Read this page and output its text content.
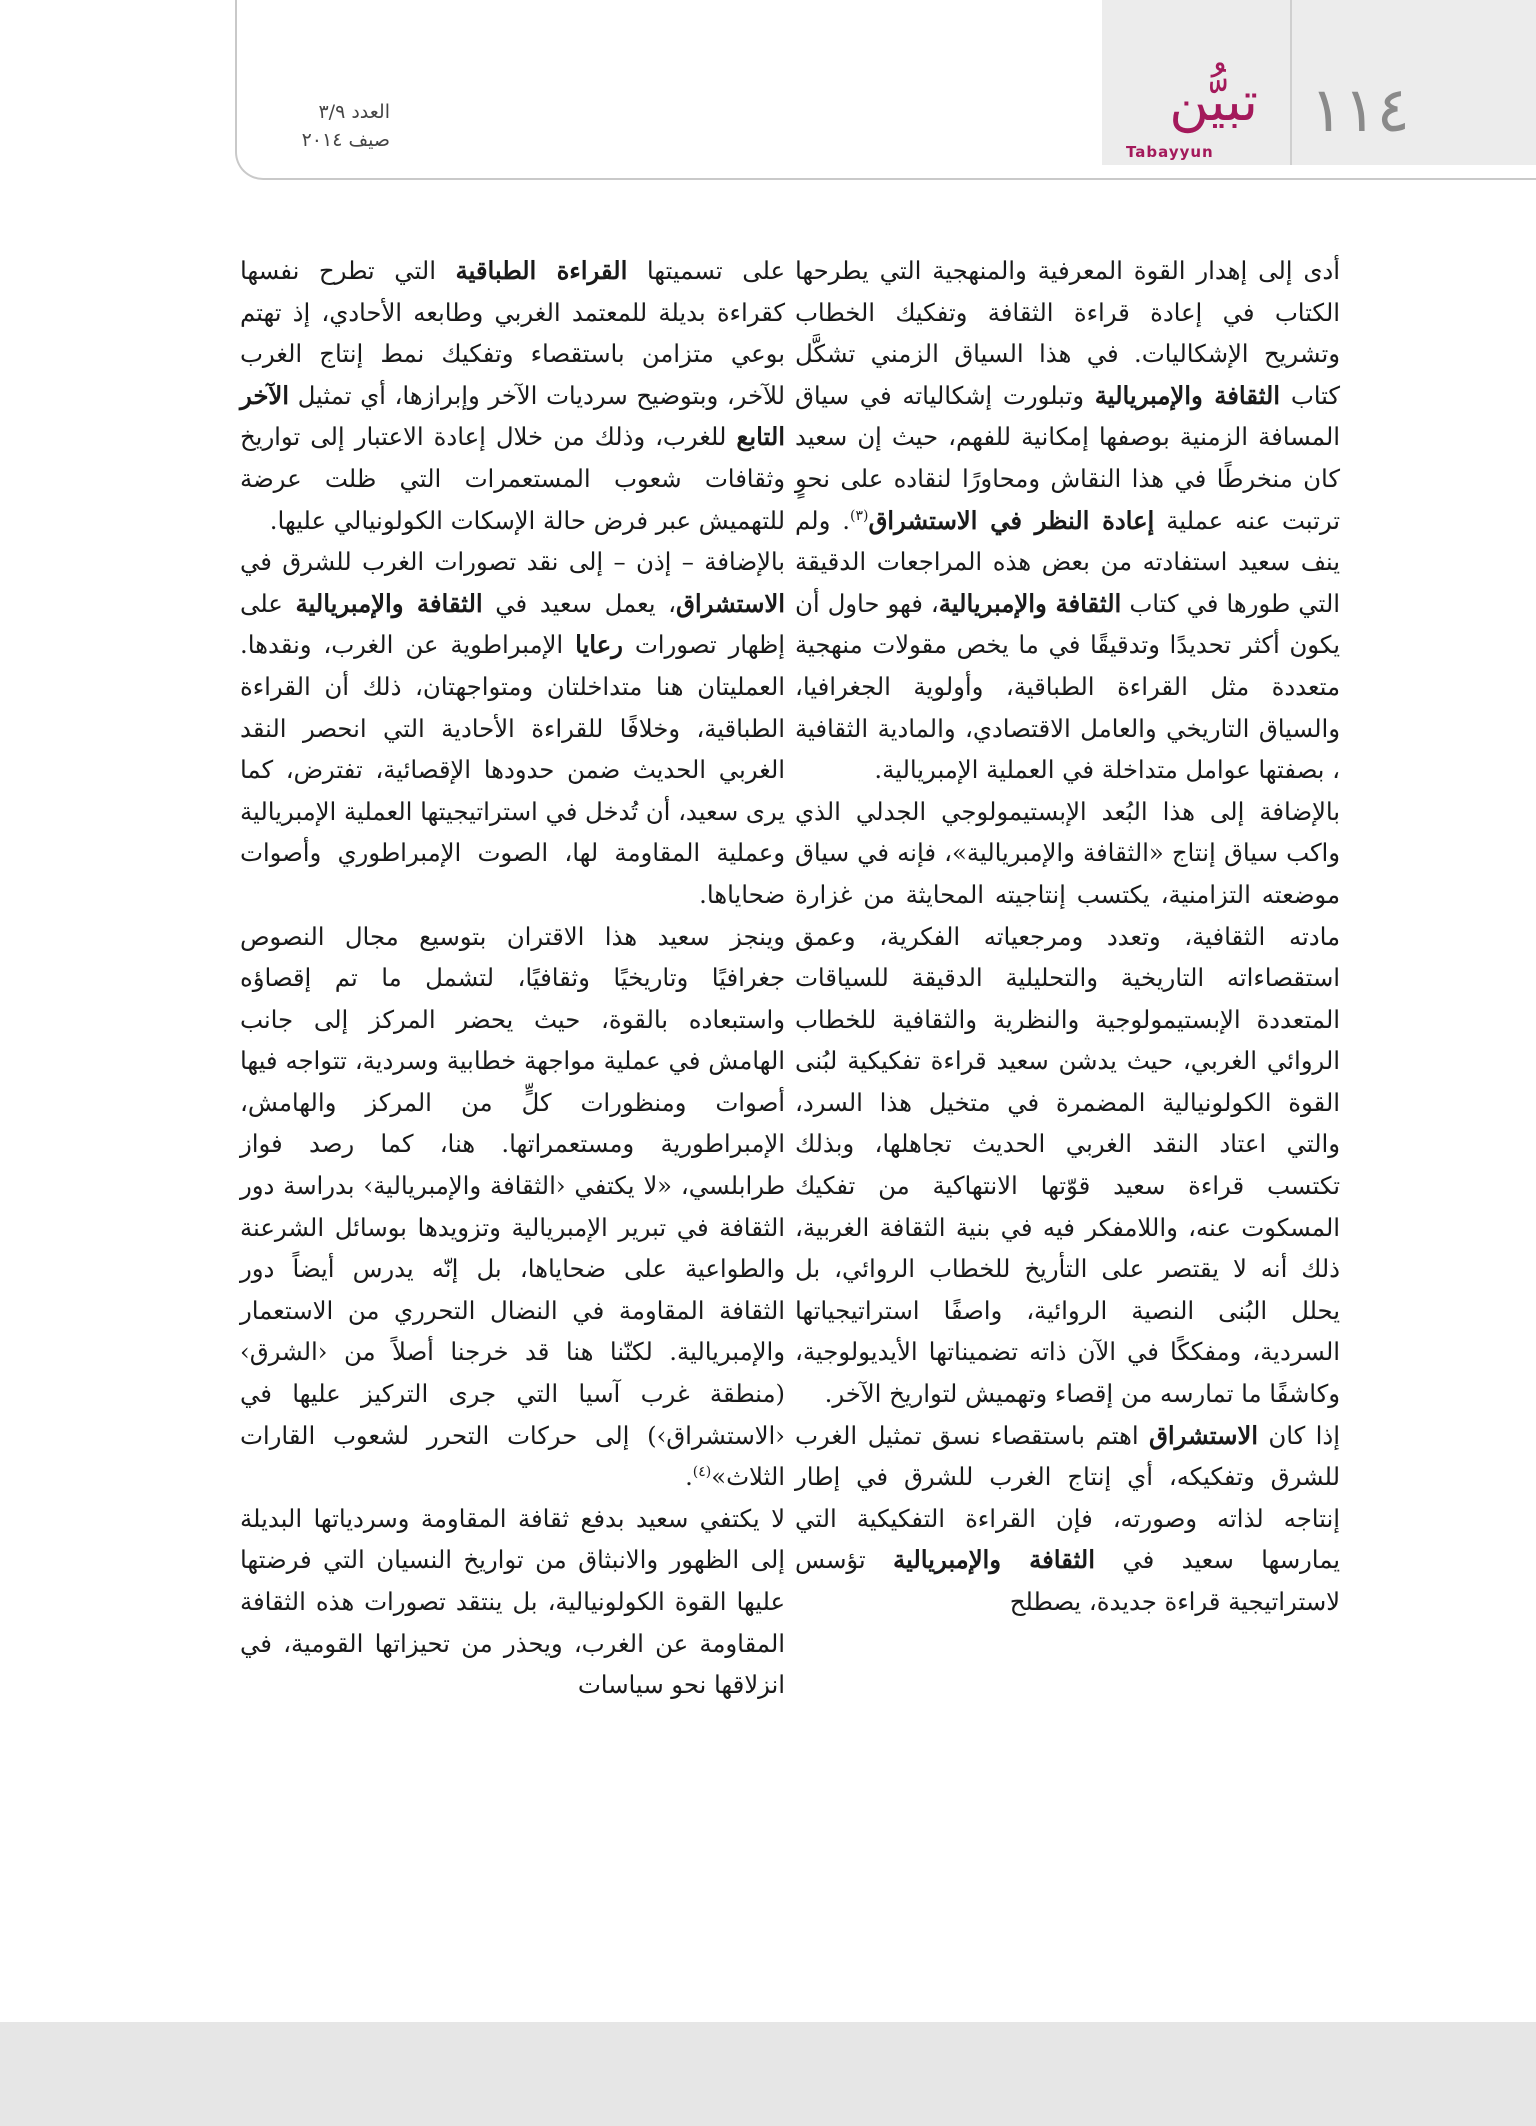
١١٤
تبيُّن
Tabayyun
العدد ٣/٩
صيف ٢٠١٤

أدى إلى إهدار القوة المعرفية والمنهجية التي يطرحها الكتاب في إعادة قراءة الثقافة وتفكيك الخطاب وتشريح الإشكاليات. في هذا السياق الزمني تشكَّل كتاب الثقافة والإمبريالية وتبلورت إشكالياته في سياق المسافة الزمنية بوصفها إمكانية للفهم، حيث إن سعيد كان منخرطًا في هذا النقاش ومحاورًا لنقاده على نحوٍ ترتبت عنه عملية إعادة النظر في الاستشراق$^{(٣)}$. ولم ينف سعيد استفادته من بعض هذه المراجعات الدقيقة التي طورها في كتاب الثقافة والإمبريالية، فهو حاول أن يكون أكثر تحديدًا وتدقيقًا في ما يخص مقولات منهجية متعددة مثل القراءة الطباقية، وأولوية الجغرافيا، والسياق التاريخي والعامل الاقتصادي، والمادية الثقافية ، بصفتها عوامل متداخلة في العملية الإمبريالية.

بالإضافة إلى هذا البُعد الإبستيمولوجي الجدلي الذي واكب سياق إنتاج «الثقافة والإمبريالية»، فإنه في سياق موضعته التزامنية، يكتسب إنتاجيته المحايثة من غزارة مادته الثقافية، وتعدد ومرجعياته الفكرية، وعمق استقصاءاته التاريخية والتحليلية الدقيقة للسياقات المتعددة الإبستيمولوجية والنظرية والثقافية للخطاب الروائي الغربي، حيث يدشن سعيد قراءة تفكيكية لبُنى القوة الكولونيالية المضمرة في متخيل هذا السرد، والتي اعتاد النقد الغربي الحديث تجاهلها، وبذلك تكتسب قراءة سعيد قوّتها الانتهاكية من تفكيك المسكوت عنه، واللامفكر فيه في بنية الثقافة الغربية، ذلك أنه لا يقتصر على التأريخ للخطاب الروائي، بل يحلل البُنى النصية الروائية، واصفًا استراتيجياتها السردية، ومفككًا في الآن ذاته تضميناتها الأيديولوجية، وكاشفًا ما تمارسه من إقصاء وتهميش لتواريخ الآخر.

إذا كان الاستشراق اهتم باستقصاء نسق تمثيل الغرب للشرق وتفكيكه، أي إنتاج الغرب للشرق في إطار إنتاجه لذاته وصورته، فإن القراءة التفكيكية التي يمارسها سعيد في الثقافة والإمبريالية تؤسس لاستراتيجية قراءة جديدة، يصطلح

على تسميتها القراءة الطباقية التي تطرح نفسها كقراءة بديلة للمعتمد الغربي وطابعه الأحادي، إذ تهتم بوعي متزامن باستقصاء وتفكيك نمط إنتاج الغرب للآخر، وبتوضيح سرديات الآخر وإبرازها، أي تمثيل الآخر التابع للغرب، وذلك من خلال إعادة الاعتبار إلى تواريخ وثقافات شعوب المستعمرات التي ظلت عرضة للتهميش عبر فرض حالة الإسكات الكولونيالي عليها.

بالإضافة – إذن – إلى نقد تصورات الغرب للشرق في الاستشراق، يعمل سعيد في الثقافة والإمبريالية على إظهار تصورات رعايا الإمبراطوية عن الغرب، ونقدها. العمليتان هنا متداخلتان ومتواجهتان، ذلك أن القراءة الطباقية، وخلافًا للقراءة الأحادية التي انحصر النقد الغربي الحديث ضمن حدودها الإقصائية، تفترض، كما يرى سعيد، أن تُدخل في استراتيجيتها العملية الإمبريالية وعملية المقاومة لها، الصوت الإمبراطوري وأصوات ضحاياها.

وينجز سعيد هذا الاقتران بتوسيع مجال النصوص جغرافيًا وتاريخيًا وثقافيًا، لتشمل ما تم إقصاؤه واستبعاده بالقوة، حيث يحضر المركز إلى جانب الهامش في عملية مواجهة خطابية وسردية، تتواجه فيها أصوات ومنظورات كلٍّ من المركز والهامش، الإمبراطورية ومستعمراتها. هنا، كما رصد فواز طرابلسي، «لا يكتفي ‹الثقافة والإمبريالية› بدراسة دور الثقافة في تبرير الإمبريالية وتزويدها بوسائل الشرعنة والطواعية على ضحاياها، بل إنّه يدرس أيضاً دور الثقافة المقاومة في النضال التحرري من الاستعمار والإمبريالية. لكنّنا هنا قد خرجنا أصلاً من ‹الشرق› (منطقة غرب آسيا التي جرى التركيز عليها في ‹الاستشراق›) إلى حركات التحرر لشعوب القارات الثلاث»$^{(٤)}$.

لا يكتفي سعيد بدفع ثقافة المقاومة وسردياتها البديلة إلى الظهور والانبثاق من تواريخ النسيان التي فرضتها عليها القوة الكولونيالية، بل ينتقد تصورات هذه الثقافة المقاومة عن الغرب، ويحذر من تحيزاتها القومية، في انزلاقها نحو سياسات
